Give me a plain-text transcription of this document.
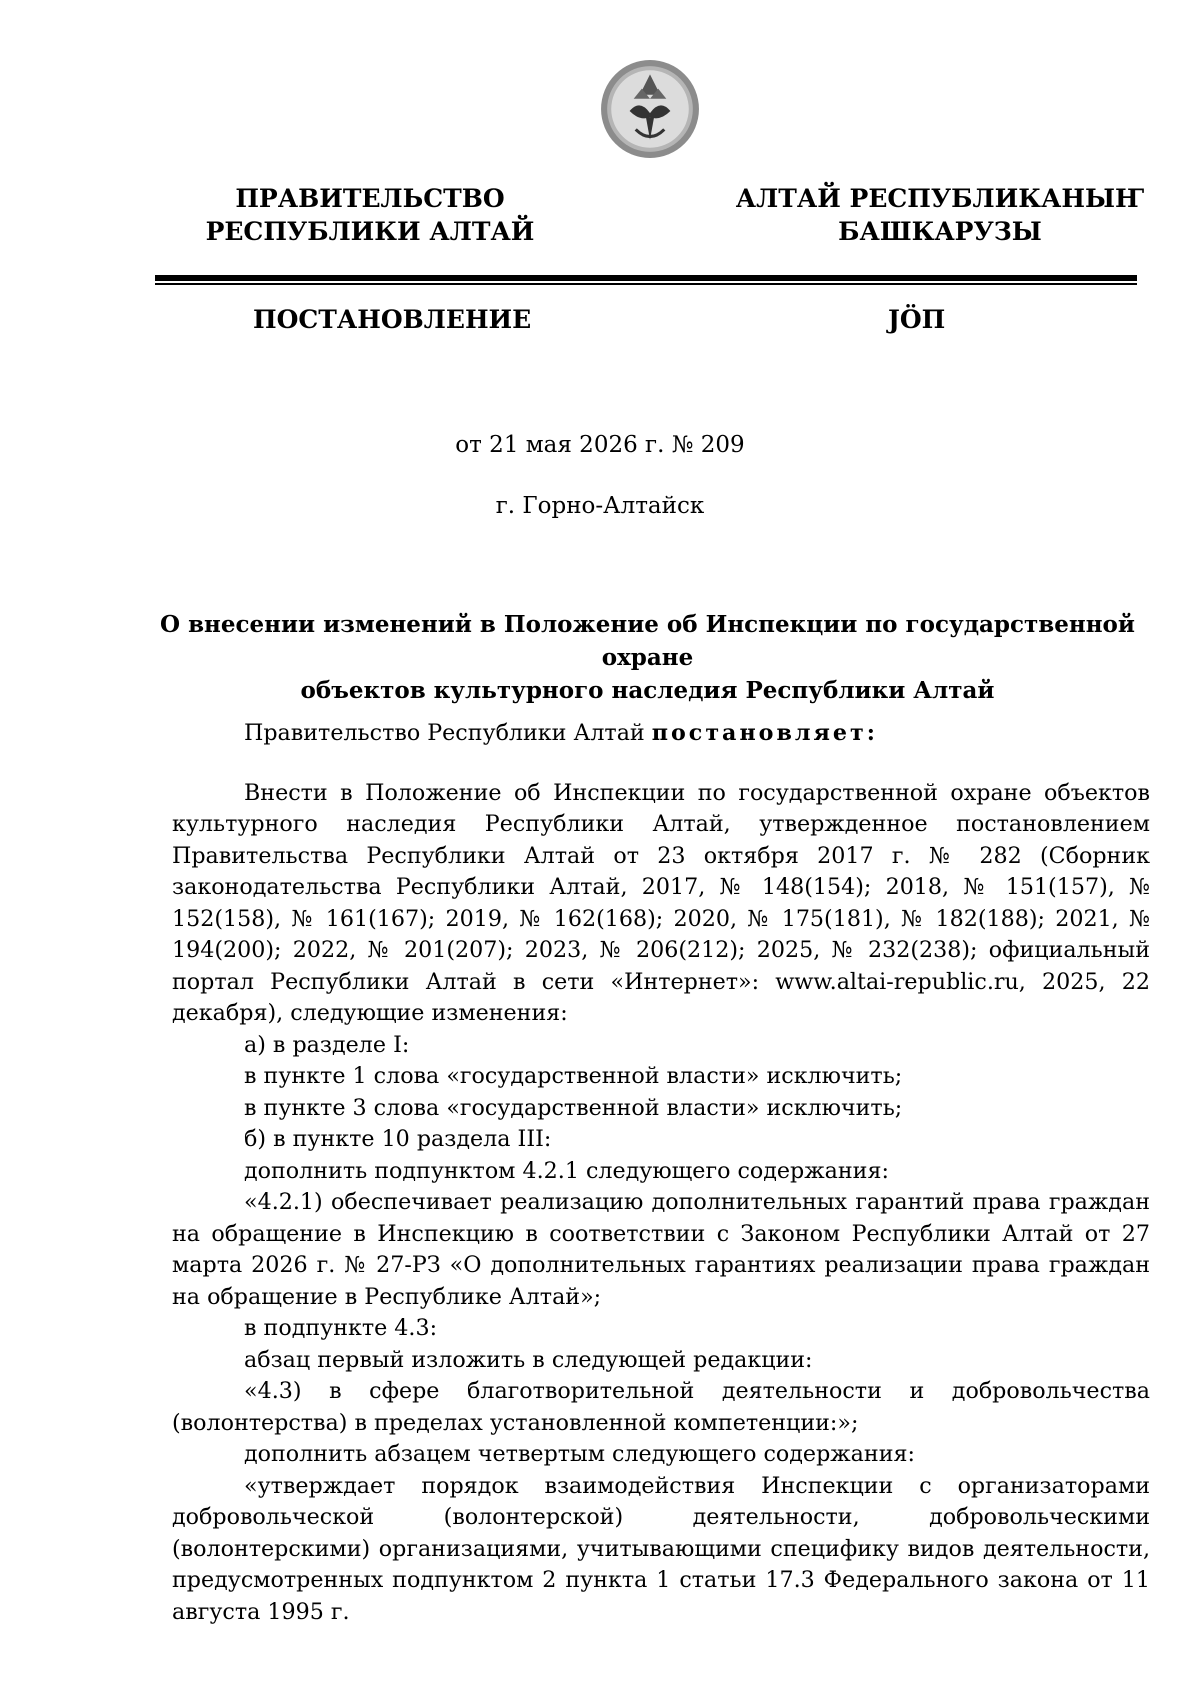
ПРАВИТЕЛЬСТВО
РЕСПУБЛИКИ АЛТАЙ
АЛТАЙ РЕСПУБЛИКАНЫҤ
БАШКАРУЗЫ
ПОСТАНОВЛЕНИЕ	JӦП
от 21 мая 2026 г. № 209
г. Горно-Алтайск
О внесении изменений в Положение об Инспекции по государственной охране
объектов культурного наследия Республики Алтай

Правительство Республики Алтай постановляет:

Внести в Положение об Инспекции по государственной охране объектов культурного наследия Республики Алтай, утвержденное постановлением Правительства Республики Алтай от 23 октября 2017 г. № 282 (Сборник законодательства Республики Алтай, 2017, № 148(154); 2018, № 151(157), № 152(158), № 161(167); 2019, № 162(168); 2020, № 175(181), № 182(188); 2021, № 194(200); 2022, № 201(207); 2023, № 206(212); 2025, № 232(238); официальный портал Республики Алтай в сети «Интернет»: www.altai-republic.ru, 2025, 22 декабря), следующие изменения:

а) в разделе I:

в пункте 1 слова «государственной власти» исключить;

в пункте 3 слова «государственной власти» исключить;

б) в пункте 10 раздела III:

дополнить подпунктом 4.2.1 следующего содержания:

«4.2.1) обеспечивает реализацию дополнительных гарантий права граждан на обращение в Инспекцию в соответствии с Законом Республики Алтай от 27 марта 2026 г. № 27-РЗ «О дополнительных гарантиях реализации права граждан на обращение в Республике Алтай»;

в подпункте 4.3:

абзац первый изложить в следующей редакции:

«4.3) в сфере благотворительной деятельности и добровольчества (волонтерства) в пределах установленной компетенции:»;

дополнить абзацем четвертым следующего содержания:

«утверждает порядок взаимодействия Инспекции с организаторами добровольческой (волонтерской) деятельности, добровольческими (волонтерскими) организациями, учитывающими специфику видов деятельности, предусмотренных подпунктом 2 пункта 1 статьи 17.3 Федерального закона от 11 августа 1995 г.
